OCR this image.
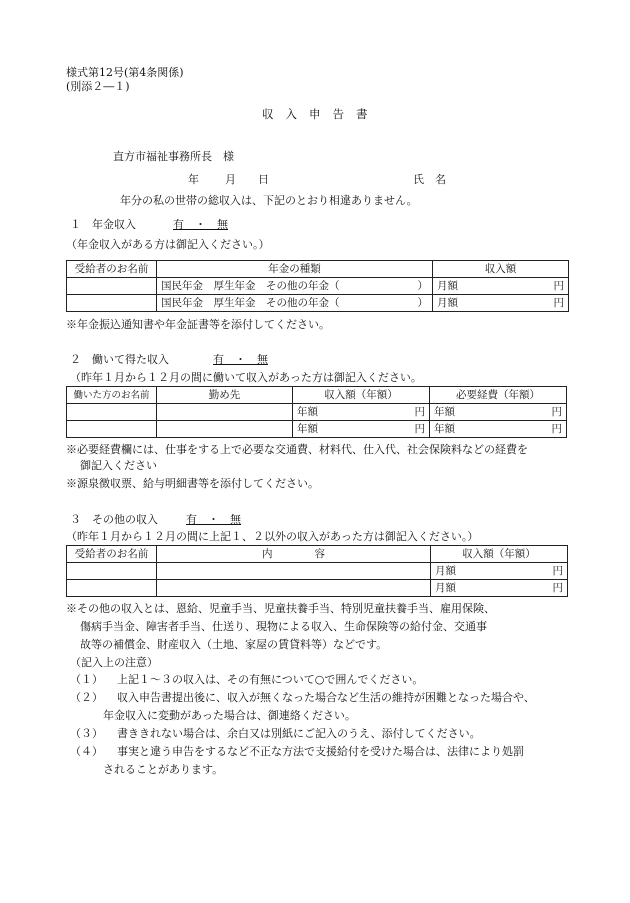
様式第12号(第4条関係)
(別添２―１)
収入申告書
直方市福祉事務所長　様
年 月 日	氏　名
年分の私の世帯の総収入は、下記のとおり相違ありません。
１　年金収入	有　・　無
（年金収入がある方は御記入ください。）
受給者のお名前	年金の種類	収入額

	国民年金　厚生年金　その他の年金（ ）	月額 円

	国民年金　厚生年金　その他の年金（ ）	月額 円
※年金振込通知書や年金証書等を添付してください。
２　働いて得た収入	有　・　無
（昨年１月から１２月の間に働いて収入があった方は御記入ください。
働いた方のお名前	勤め先	収入額（年額）	必要経費（年額）

		年額 円	年額 円

		年額 円	年額 円
※必要経費欄には、仕事をする上で必要な交通費、材料代、仕入代、社会保険料などの経費を
御記入ください
※源泉徴収票、給与明細書等を添付してください。
３　その他の収入	有　・　無
（昨年１月から１２月の間に上記１、２以外の収入があった方は御記入ください。）
受給者のお名前	内　　　　容	収入額（年額）

		月額 円

		月額 円
※その他の収入とは、恩給、児童手当、児童扶養手当、特別児童扶養手当、雇用保険、
傷病手当金、障害者手当、仕送り、現物による収入、生命保険等の給付金、交通事
故等の補償金、財産収入（土地、家屋の賃貸料等）などです。
（記入上の注意）
（１） 上記１～３の収入は、その有無について○で囲んでください。
（２） 収入申告書提出後に、収入が無くなった場合など生活の維持が困難となった場合や、
年金収入に変動があった場合は、御連絡ください。
（３） 書ききれない場合は、余白又は別紙にご記入のうえ、添付してください。
（４） 事実と違う申告をするなど不正な方法で支援給付を受けた場合は、法律により処罰
されることがあります。
